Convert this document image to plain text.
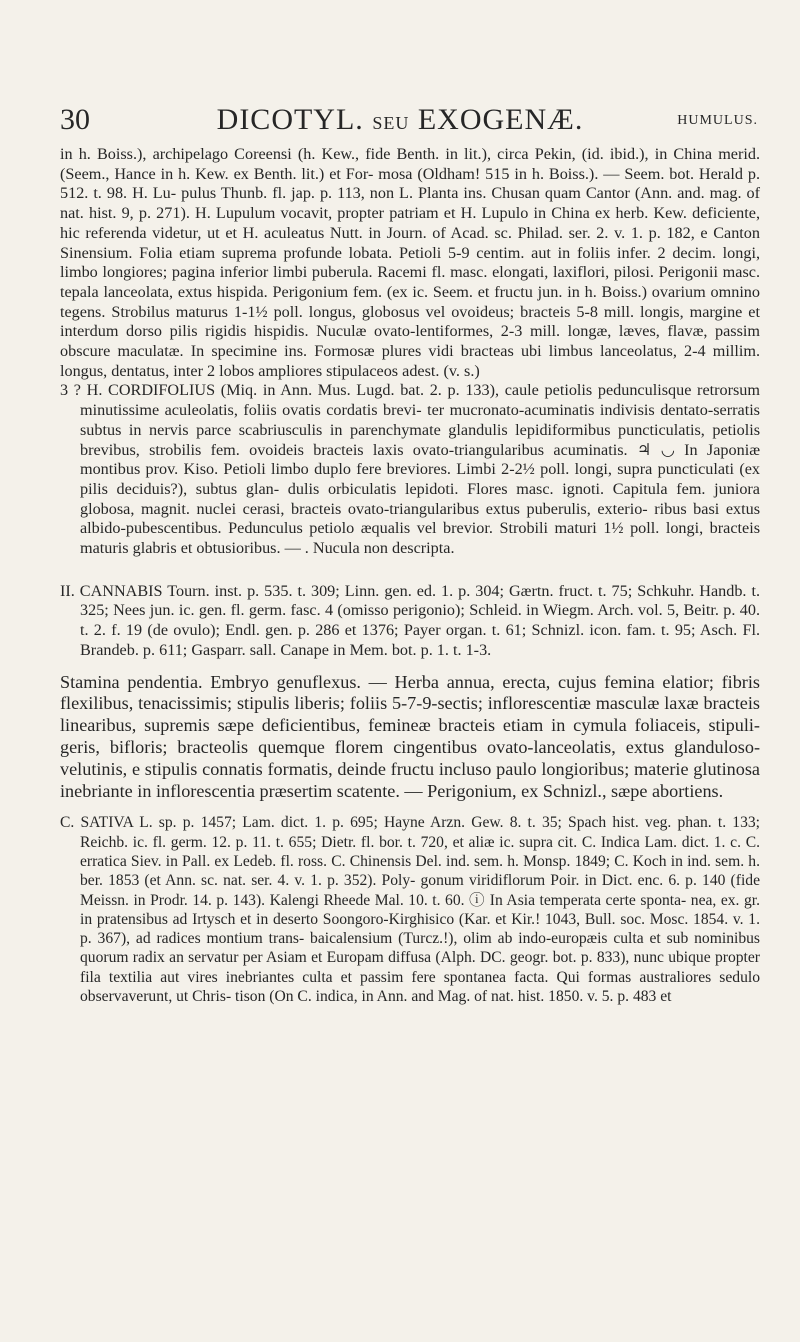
30	DICOTYL. SEU EXOGENÆ.	HUMULUS.

in h. Boiss.), archipelago Coreensi (h. Kew., fide Benth. in lit.), circa Pekin, (id. ibid.), in China merid. (Seem., Hance in h. Kew. ex Benth. lit.) et For- mosa (Oldham! 515 in h. Boiss.). — Seem. bot. Herald p. 512. t. 98. H. Lu- pulus Thunb. fl. jap. p. 113, non L. Planta ins. Chusan quam Cantor (Ann. and. mag. of nat. hist. 9, p. 271). H. Lupulum vocavit, propter patriam et H. Lupulo in China ex herb. Kew. deficiente, hic referenda videtur, ut et H. aculeatus Nutt. in Journ. of Acad. sc. Philad. ser. 2. v. 1. p. 182, e Canton Sinensium. Folia etiam suprema profunde lobata. Petioli 5-9 centim. aut in foliis infer. 2 decim. longi, limbo longiores; pagina inferior limbi puberula. Racemi fl. masc. elongati, laxiflori, pilosi. Perigonii masc. tepala lanceolata, extus hispida. Perigonium fem. (ex ic. Seem. et fructu jun. in h. Boiss.) ovarium omnino tegens. Strobilus maturus 1-1½ poll. longus, globosus vel ovoideus; bracteis 5-8 mill. longis, margine et interdum dorso pilis rigidis hispidis. Nuculæ ovato-lentiformes, 2-3 mill. longæ, læves, flavæ, passim obscure maculatæ. In specimine ins. Formosæ plures vidi bracteas ubi limbus lanceolatus, 2-4 millim. longus, dentatus, inter 2 lobos ampliores stipulaceos adest. (v. s.)

3 ? H. CORDIFOLIUS (Miq. in Ann. Mus. Lugd. bat. 2. p. 133), caule petiolis pedunculisque retrorsum minutissime aculeolatis, foliis ovatis cordatis brevi- ter mucronato-acuminatis indivisis dentato-serratis subtus in nervis parce scabriusculis in parenchymate glandulis lepidiformibus puncticulatis, petiolis brevibus, strobilis fem. ovoideis bracteis laxis ovato-triangularibus acuminatis. ♃ ◡ In Japoniæ montibus prov. Kiso. Petioli limbo duplo fere breviores. Limbi 2-2½ poll. longi, supra puncticulati (ex pilis deciduis?), subtus glan- dulis orbiculatis lepidoti. Flores masc. ignoti. Capitula fem. juniora globosa, magnit. nuclei cerasi, bracteis ovato-triangularibus extus puberulis, exterio- ribus basi extus albido-pubescentibus. Pedunculus petiolo æqualis vel brevior. Strobili maturi 1½ poll. longi, bracteis maturis glabris et obtusioribus. — . Nucula non descripta.

II. CANNABIS Tourn. inst. p. 535. t. 309; Linn. gen. ed. 1. p. 304; Gærtn. fruct. t. 75; Schkuhr. Handb. t. 325; Nees jun. ic. gen. fl. germ. fasc. 4 (omisso perigonio); Schleid. in Wiegm. Arch. vol. 5, Beitr. p. 40. t. 2. f. 19 (de ovulo); Endl. gen. p. 286 et 1376; Payer organ. t. 61; Schnizl. icon. fam. t. 95; Asch. Fl. Brandeb. p. 611; Gasparr. sall. Canape in Mem. bot. p. 1. t. 1-3.

Stamina pendentia. Embryo genuflexus. — Herba annua, erecta, cujus femina elatior; fibris flexilibus, tenacissimis; stipulis liberis; foliis 5-7-9-sectis; inflorescentiæ masculæ laxæ bracteis linearibus, supremis sæpe deficientibus, femineæ bracteis etiam in cymula foliaceis, stipuli- geris, bifloris; bracteolis quemque florem cingentibus ovato-lanceolatis, extus glanduloso-velutinis, e stipulis connatis formatis, deinde fructu incluso paulo longioribus; materie glutinosa inebriante in inflorescentia præsertim scatente. — Perigonium, ex Schnizl., sæpe abortiens.

C. SATIVA L. sp. p. 1457; Lam. dict. 1. p. 695; Hayne Arzn. Gew. 8. t. 35; Spach hist. veg. phan. t. 133; Reichb. ic. fl. germ. 12. p. 11. t. 655; Dietr. fl. bor. t. 720, et aliæ ic. supra cit. C. Indica Lam. dict. 1. c. C. erratica Siev. in Pall. ex Ledeb. fl. ross. C. Chinensis Del. ind. sem. h. Monsp. 1849; C. Koch in ind. sem. h. ber. 1853 (et Ann. sc. nat. ser. 4. v. 1. p. 352). Poly- gonum viridiflorum Poir. in Dict. enc. 6. p. 140 (fide Meissn. in Prodr. 14. p. 143). Kalengi Rheede Mal. 10. t. 60. ⓘ In Asia temperata certe sponta- nea, ex. gr. in pratensibus ad Irtysch et in deserto Soongoro-Kirghisico (Kar. et Kir.! 1043, Bull. soc. Mosc. 1854. v. 1. p. 367), ad radices montium trans- baicalensium (Turcz.!), olim ab indo-europæis culta et sub nominibus quorum radix an servatur per Asiam et Europam diffusa (Alph. DC. geogr. bot. p. 833), nunc ubique propter fila textilia aut vires inebriantes culta et passim fere spontanea facta. Qui formas australiores sedulo observaverunt, ut Chris- tison (On C. indica, in Ann. and Mag. of nat. hist. 1850. v. 5. p. 483 et
